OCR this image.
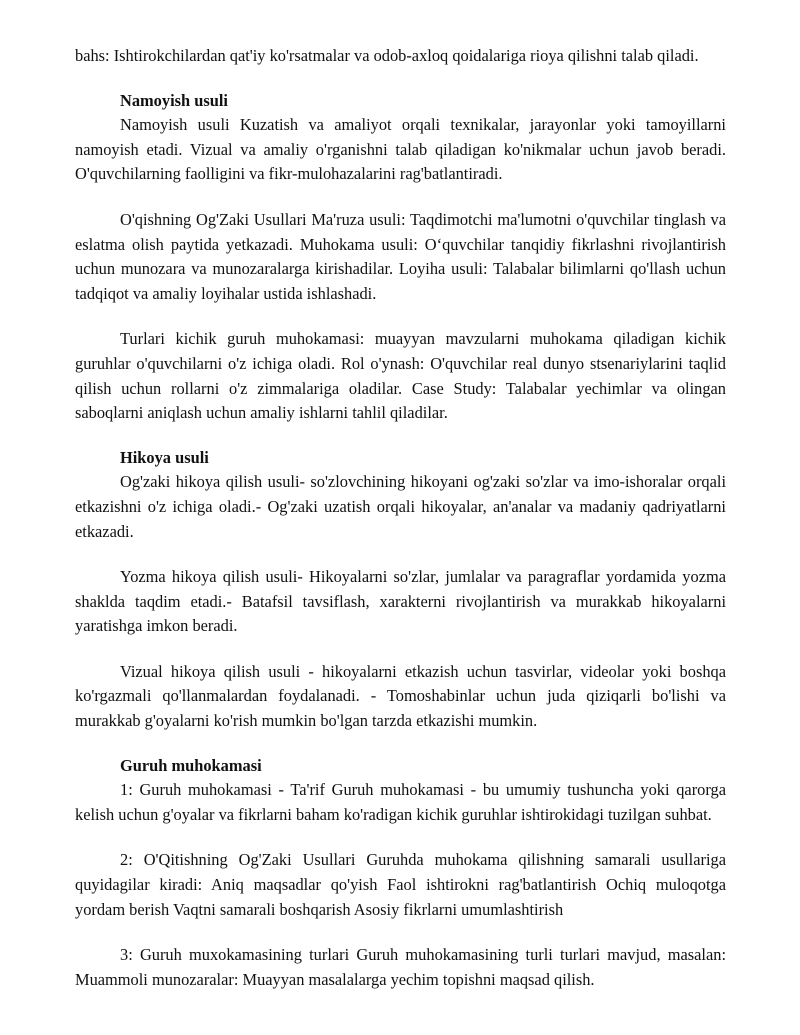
bahs: Ishtirokchilardan qat'iy ko'rsatmalar va odob-axloq qoidalariga rioya qilishni talab qiladi.

Namoyish usuli

Namoyish usuli Kuzatish va amaliyot orqali texnikalar, jarayonlar yoki tamoyillarni namoyish etadi. Vizual va amaliy o'rganishni talab qiladigan ko'nikmalar uchun javob beradi. O'quvchilarning faolligini va fikr-mulohazalarini rag'batlantiradi.

O'qishning Og'Zaki Usullari Ma'ruza usuli: Taqdimotchi ma'lumotni o'quvchilar tinglash va eslatma olish paytida yetkazadi. Muhokama usuli: O‘quvchilar tanqidiy fikrlashni rivojlantirish uchun munozara va munozaralarga kirishadilar. Loyiha usuli: Talabalar bilimlarni qo'llash uchun tadqiqot va amaliy loyihalar ustida ishlashadi.

Turlari kichik guruh muhokamasi: muayyan mavzularni muhokama qiladigan kichik guruhlar o'quvchilarni o'z ichiga oladi. Rol o'ynash: O'quvchilar real dunyo stsenariylarini taqlid qilish uchun rollarni o'z zimmalariga oladilar. Case Study: Talabalar yechimlar va olingan saboqlarni aniqlash uchun amaliy ishlarni tahlil qiladilar.

Hikoya usuli

Og'zaki hikoya qilish usuli- so'zlovchining hikoyani og'zaki so'zlar va imo-ishoralar orqali etkazishni o'z ichiga oladi.- Og'zaki uzatish orqali hikoyalar, an'analar va madaniy qadriyatlarni etkazadi.

Yozma hikoya qilish usuli- Hikoyalarni so'zlar, jumlalar va paragraflar yordamida yozma shaklda taqdim etadi.- Batafsil tavsiflash, xarakterni rivojlantirish va murakkab hikoyalarni yaratishga imkon beradi.

Vizual hikoya qilish usuli - hikoyalarni etkazish uchun tasvirlar, videolar yoki boshqa ko'rgazmali qo'llanmalardan foydalanadi. - Tomoshabinlar uchun juda qiziqarli bo'lishi va murakkab g'oyalarni ko'rish mumkin bo'lgan tarzda etkazishi mumkin.

Guruh muhokamasi

1: Guruh muhokamasi - Ta'rif Guruh muhokamasi - bu umumiy tushuncha yoki qarorga kelish uchun g'oyalar va fikrlarni baham ko'radigan kichik guruhlar ishtirokidagi tuzilgan suhbat.

2: O'Qitishning Og'Zaki Usullari Guruhda muhokama qilishning samarali usullariga quyidagilar kiradi: Aniq maqsadlar qo'yish Faol ishtirokni rag'batlantirish Ochiq muloqotga yordam berish Vaqtni samarali boshqarish Asosiy fikrlarni umumlashtirish

3: Guruh muxokamasining turlari Guruh muhokamasining turli turlari mavjud, masalan: Muammoli munozaralar: Muayyan masalalarga yechim topishni maqsad qilish.
